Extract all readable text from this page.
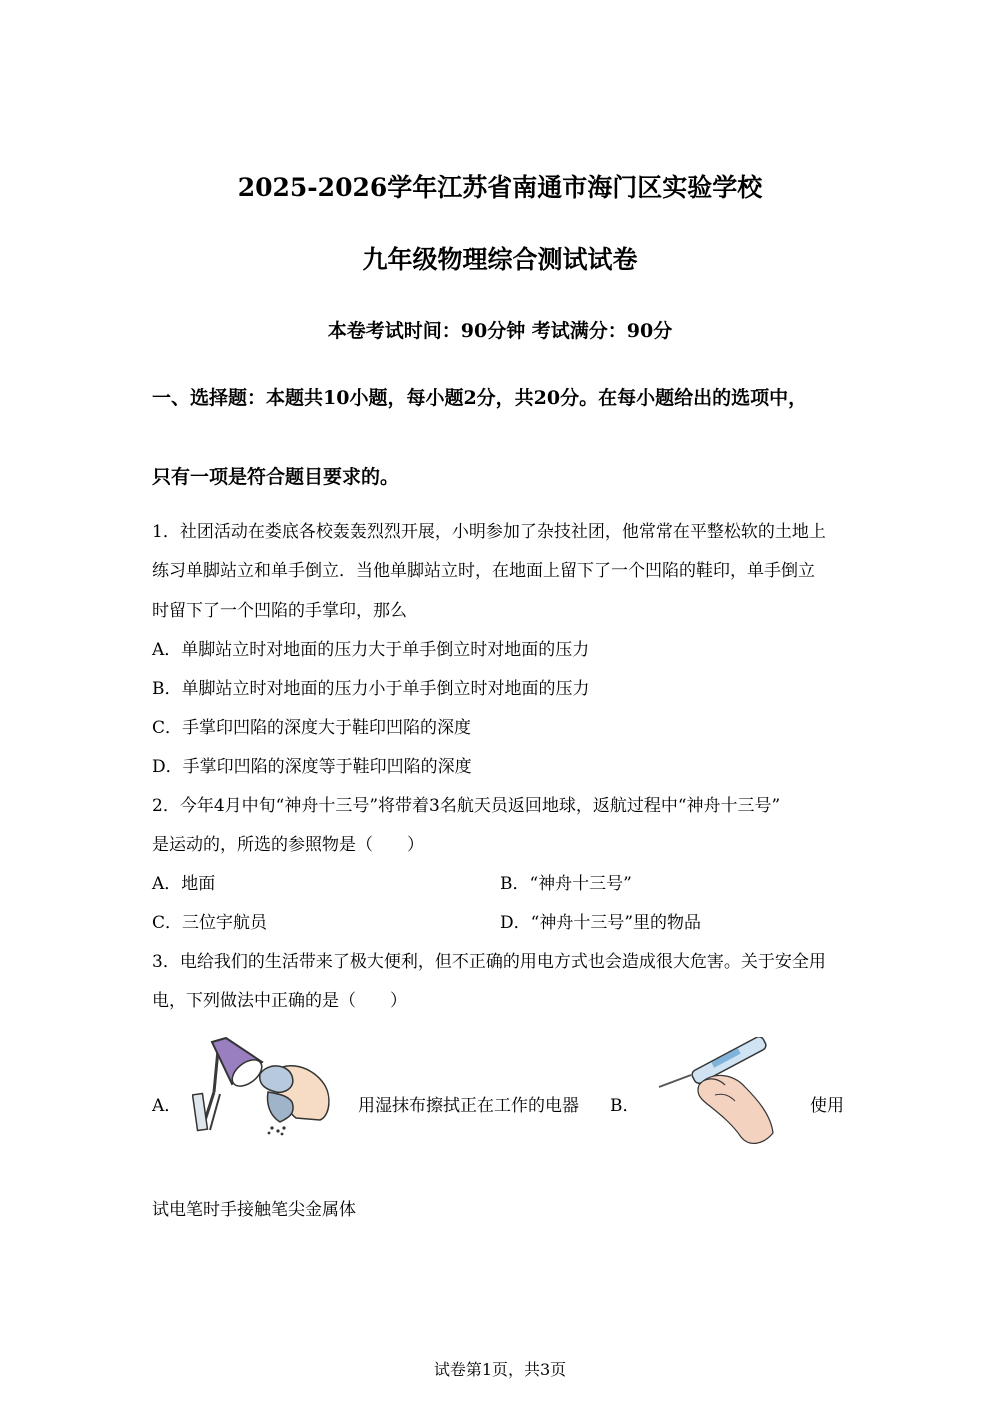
2025-2026学年江苏省南通市海门区实验学校
九年级物理综合测试试卷
本卷考试时间：90分钟 考试满分：90分
一、选择题：本题共10小题，每小题2分，共20分。在每小题给出的选项中，
只有一项是符合题目要求的。
1．社团活动在娄底各校轰轰烈烈开展，小明参加了杂技社团，他常常在平整松软的土地上
练习单脚站立和单手倒立．当他单脚站立时，在地面上留下了一个凹陷的鞋印，单手倒立
时留下了一个凹陷的手掌印，那么
A．单脚站立时对地面的压力大于单手倒立时对地面的压力
B．单脚站立时对地面的压力小于单手倒立时对地面的压力
C．手掌印凹陷的深度大于鞋印凹陷的深度
D．手掌印凹陷的深度等于鞋印凹陷的深度
2．今年4月中旬“神舟十三号”将带着3名航天员返回地球，返航过程中“神舟十三号”
是运动的，所选的参照物是（　　）
A．地面	B．“神舟十三号”
C．三位宇航员	D．“神舟十三号”里的物品
3．电给我们的生活带来了极大便利，但不正确的用电方式也会造成很大危害。关于安全用
电，下列做法中正确的是（　　）
A．	用湿抹布擦拭正在工作的电器 B．	使用
试电笔时手接触笔尖金属体
试卷第1页，共3页
